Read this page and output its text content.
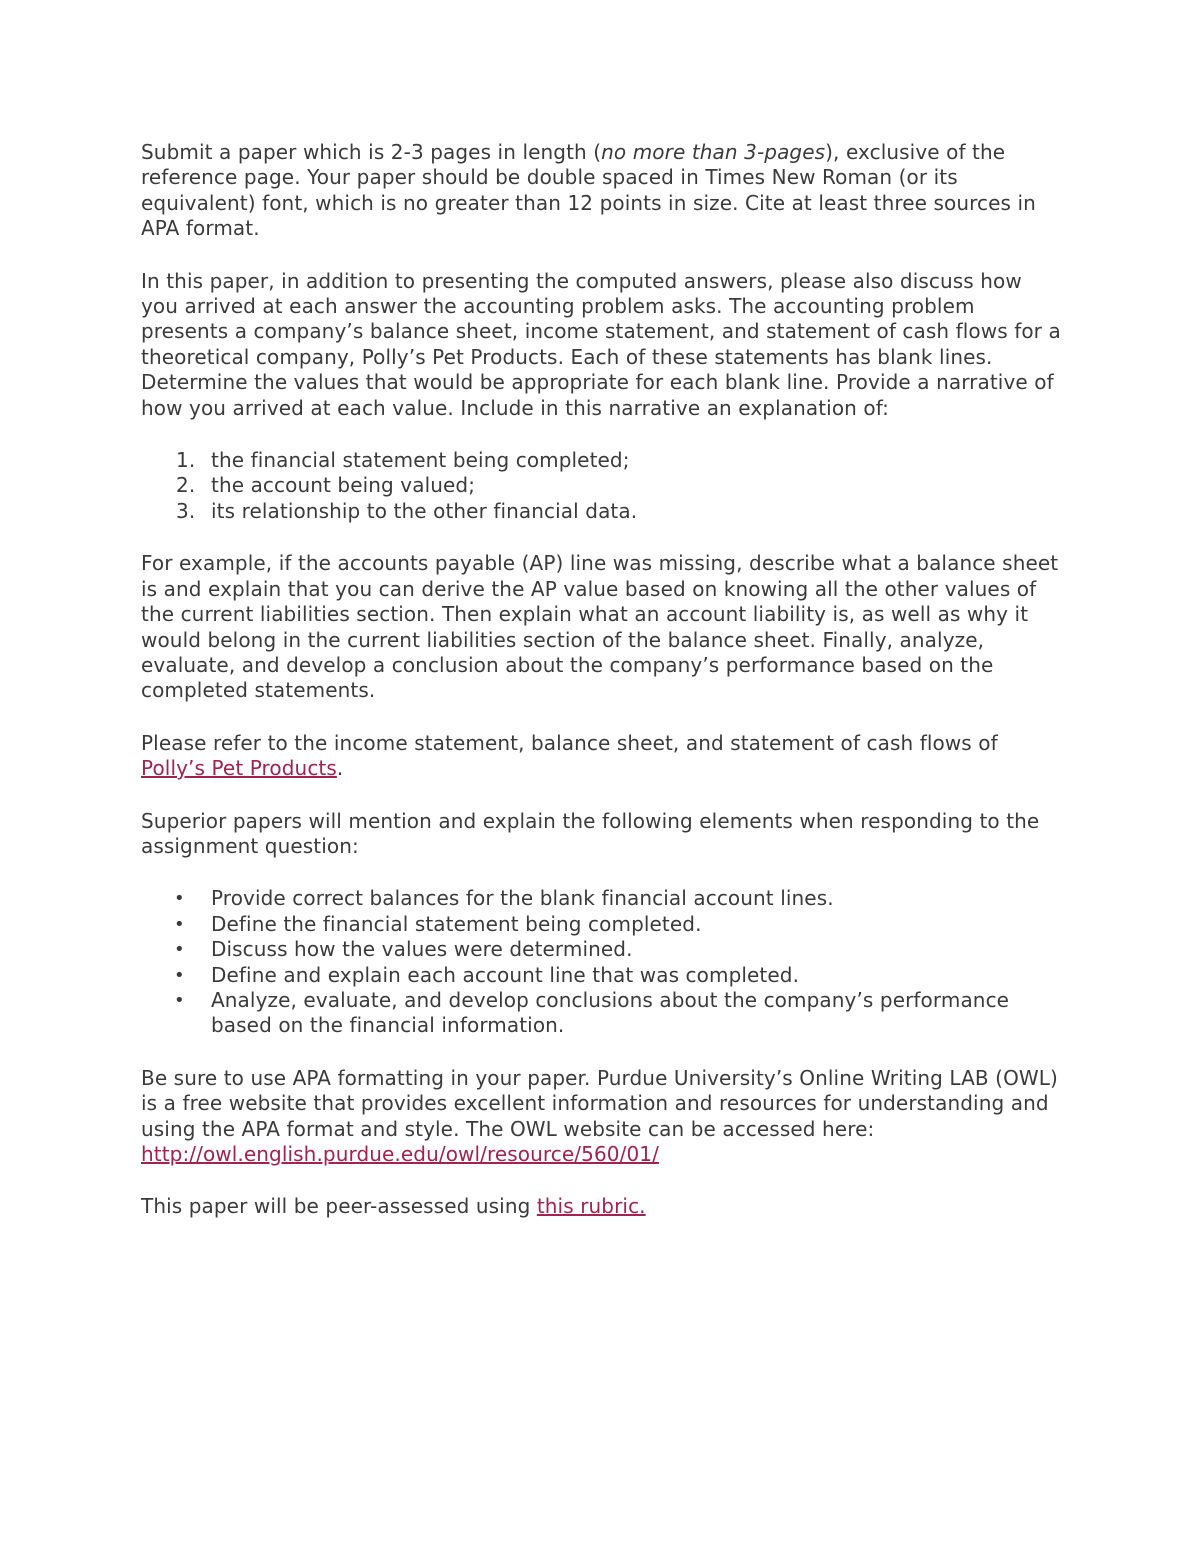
Submit a paper which is 2-3 pages in length (no more than 3-pages), exclusive of the reference page. Your paper should be double spaced in Times New Roman (or its equivalent) font, which is no greater than 12 points in size. Cite at least three sources in APA format.

In this paper, in addition to presenting the computed answers, please also discuss how you arrived at each answer the accounting problem asks. The accounting problem presents a company’s balance sheet, income statement, and statement of cash flows for a theoretical company, Polly’s Pet Products. Each of these statements has blank lines. Determine the values that would be appropriate for each blank line. Provide a narrative of how you arrived at each value. Include in this narrative an explanation of:

1. the financial statement being completed;
2. the account being valued;
3. its relationship to the other financial data.

For example, if the accounts payable (AP) line was missing, describe what a balance sheet is and explain that you can derive the AP value based on knowing all the other values of the current liabilities section. Then explain what an account liability is, as well as why it would belong in the current liabilities section of the balance sheet. Finally, analyze, evaluate, and develop a conclusion about the company’s performance based on the completed statements.

Please refer to the income statement, balance sheet, and statement of cash flows of Polly’s Pet Products.

Superior papers will mention and explain the following elements when responding to the assignment question:

• Provide correct balances for the blank financial account lines.
• Define the financial statement being completed.
• Discuss how the values were determined.
• Define and explain each account line that was completed.
• Analyze, evaluate, and develop conclusions about the company’s performance based on the financial information.

Be sure to use APA formatting in your paper. Purdue University’s Online Writing LAB (OWL) is a free website that provides excellent information and resources for understanding and using the APA format and style. The OWL website can be accessed here: http://owl.english.purdue.edu/owl/resource/560/01/

This paper will be peer-assessed using this rubric.
